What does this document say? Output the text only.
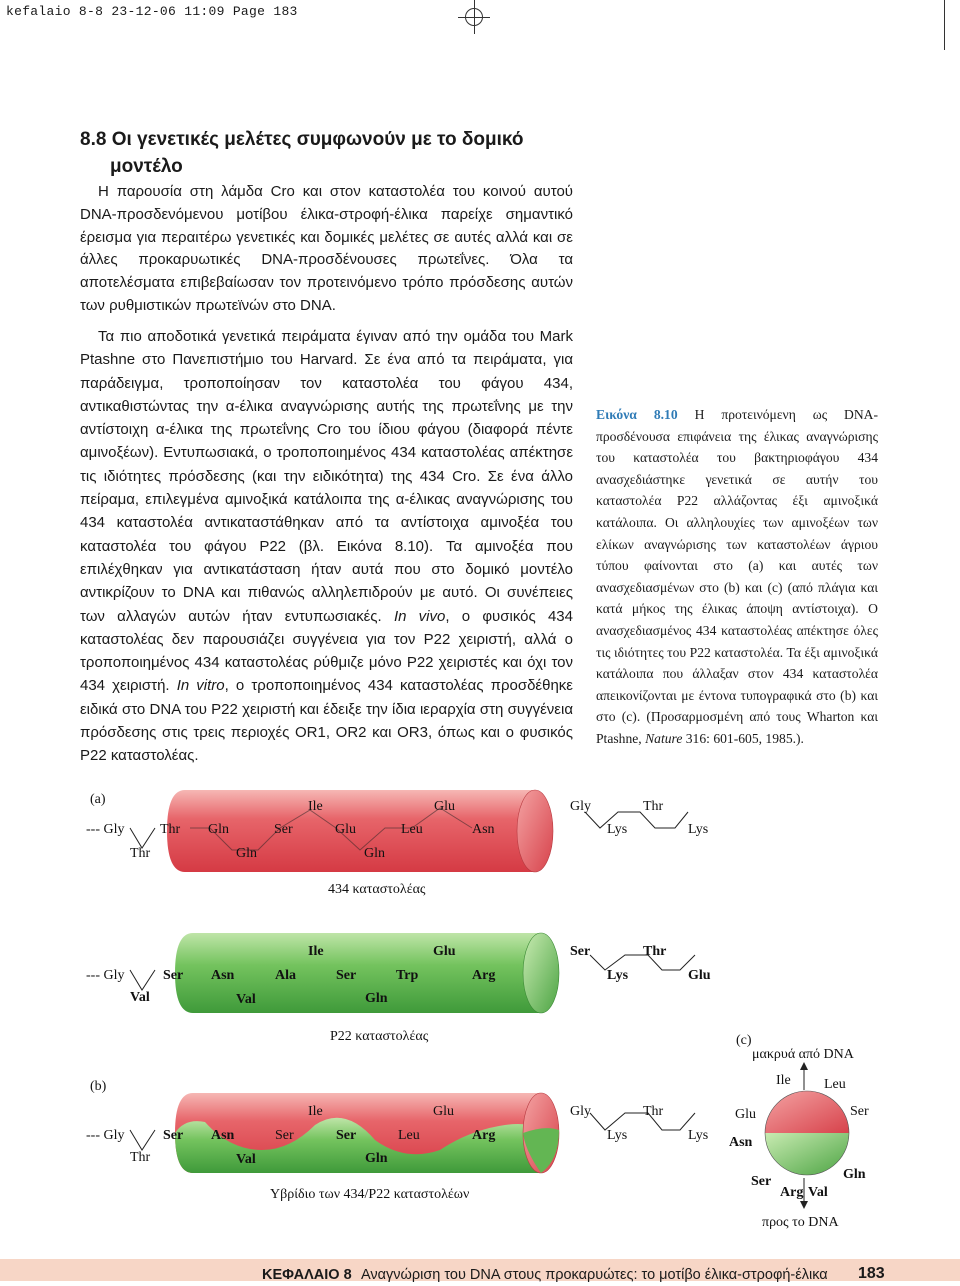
kefalaio 8-8 23-12-06 11:09 Page 183
8.8 Οι γενετικές μελέτες συμφωνούν με το δομικό
μοντέλο

Η παρουσία στη λάμδα Cro και στον καταστολέα του κοινού αυτού DNA-προσδενόμενου μοτίβου έλικα-στροφή-έλικα παρείχε σημαντικό έρεισμα για περαιτέρω γενετικές και δομικές μελέτες σε αυτές αλλά και σε άλλες προκαρυωτικές DNA-προσδένουσες πρωτεΐνες. Όλα τα αποτελέσματα επιβεβαίωσαν τον προτεινόμενο τρόπο πρόσδεσης αυτών των ρυθμιστικών πρωτεϊνών στο DNA.

Τα πιο αποδοτικά γενετικά πειράματα έγιναν από την ομάδα του Mark Ptashne στο Πανεπιστήμιο του Harvard. Σε ένα από τα πειράματα, για παράδειγμα, τροποποίησαν τον καταστολέα του φάγου 434, αντικαθιστώντας την α-έλικα αναγνώρισης αυτής της πρωτεΐνης με την αντίστοιχη α-έλικα της πρωτεΐνης Cro του ίδιου φάγου (διαφορά πέντε αμινοξέων). Εντυπωσιακά, ο τροποποιημένος 434 καταστολέας απέκτησε τις ιδιότητες πρόσδεσης (και την ειδικότητα) της 434 Cro. Σε ένα άλλο πείραμα, επιλεγμένα αμινοξικά κατάλοιπα της α-έλικας αναγνώρισης του 434 καταστολέα αντικαταστάθηκαν από τα αντίστοιχα αμινοξέα του καταστολέα του φάγου P22 (βλ. Εικόνα 8.10). Τα αμινοξέα που επιλέχθηκαν για αντικατάσταση ήταν αυτά που στο δομικό μοντέλο αντικρίζουν το DNA και πιθανώς αλληλεπιδρούν με αυτό. Οι συνέπειες των αλλαγών αυτών ήταν εντυπωσιακές. In vivo, ο φυσικός 434 καταστολέας δεν παρουσιάζει συγγένεια για τον P22 χειριστή, αλλά ο τροποποιημένος 434 καταστολέας ρύθμιζε μόνο P22 χειριστές και όχι τον 434 χειριστή. In vitro, ο τροποποιημένος 434 καταστολέας προσδέθηκε ειδικά στο DNA του P22 χειριστή και έδειξε την ίδια ιεραρχία στη συγγένεια πρόσδεσης στις τρεις περιοχές OR1, OR2 και OR3, όπως και ο φυσικός P22 καταστολέας.

Εικόνα 8.10 Η προτεινόμενη ως DNA-προσδένουσα επιφάνεια της έλικας αναγνώρισης του καταστολέα του βακτηριοφάγου 434 ανασχεδιάστηκε γενετικά σε αυτήν του καταστολέα P22 αλλάζοντας έξι αμινοξικά κατάλοιπα. Οι αλληλουχίες των αμινοξέων των ελίκων αναγνώρισης των καταστολέων άγριου τύπου φαίνονται στο (a) και αυτές των ανασχεδιασμένων στο (b) και (c) (από πλάγια και κατά μήκος της έλικας άποψη αντίστοιχα). Ο ανασχεδιασμένος 434 καταστολέας απέκτησε όλες τις ιδιότητες του P22 καταστολέα. Τα έξι αμινοξικά κατάλοιπα που άλλαξαν στον 434 καταστολέα απεικονίζονται με έντονα τυπογραφικά στο (b) και στο (c). (Προσαρμοσμένη από τους Wharton και Ptashne, Nature 316: 601-605, 1985.).
(a)
--- Gly
Thr
Thr Gln
Gln
Ser
Ile
Glu
Gln
Leu
Glu
Asn
Gly	Thr
Lys	Lys
434 καταστολέας
--- Gly	Ser
Val
Asn	Ala
Val
Ile
Ser
Gln
Trp
Glu
Arg
Ser	Thr
Lys	Glu
P22 καταστολέας
(b)
--- Gly	Ser
Thr
Asn
Val
Ser
Ile
Ser
Gln
Leu
Glu
Arg
Gly	Thr
Lys	Lys
Υβρίδιο των 434/P22 καταστολέων
(c)
μακρυά από DNA
Ile Leu
Glu	Ser
Asn
Ser
Arg Val
Gln
προς το DNA
ΚΕΦΑΛΑΙΟ 8 Αναγνώριση του DNA στους προκαρυώτες: το μοτίβο έλικα-στροφή-έλικα 183
